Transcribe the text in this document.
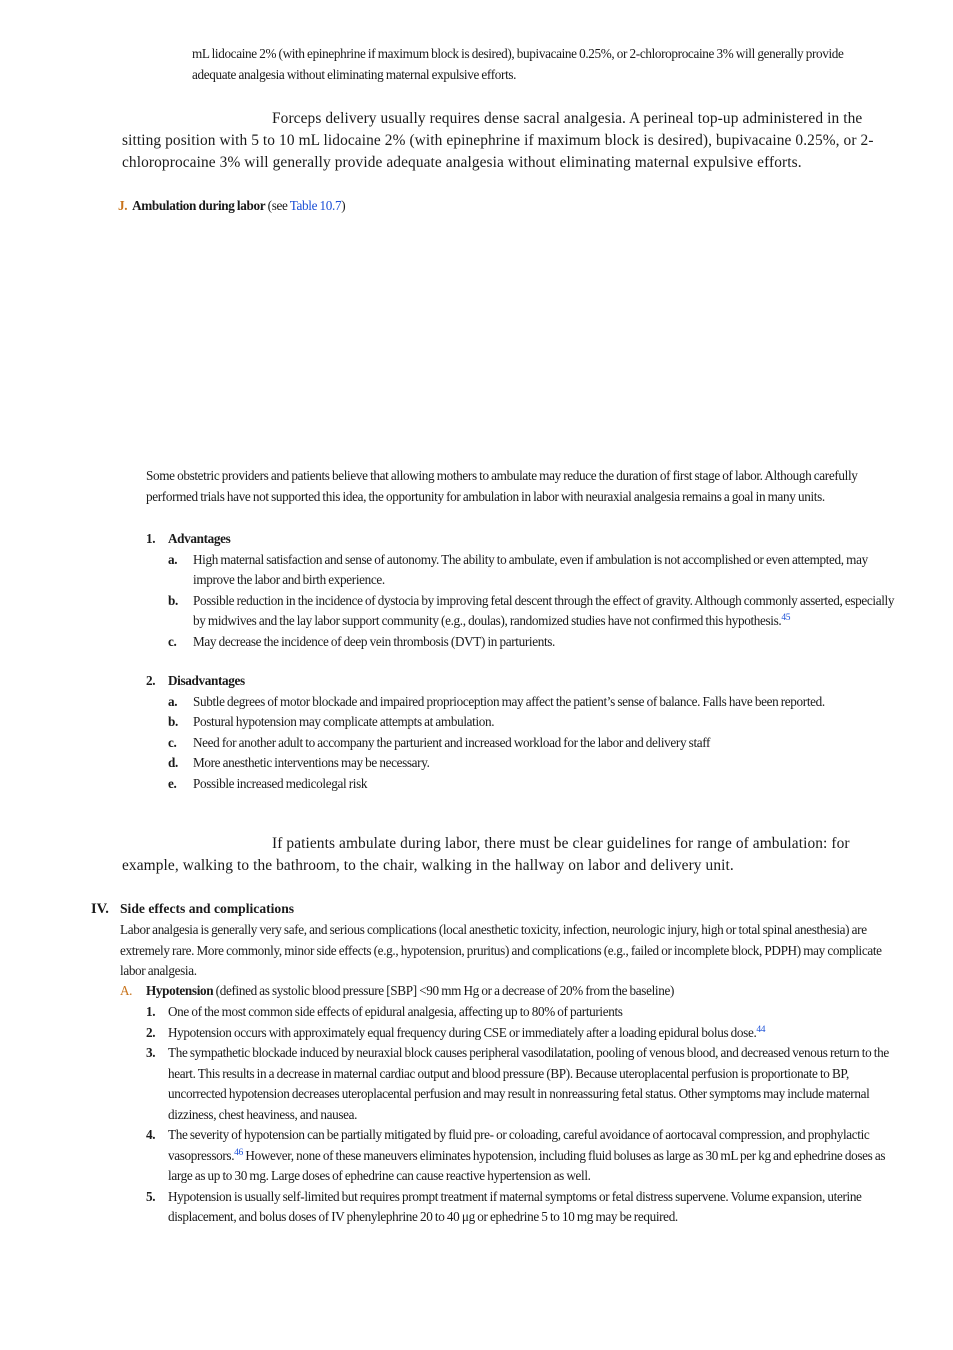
mL lidocaine 2% (with epinephrine if maximum block is desired), bupivacaine 0.25%, or 2-chloroprocaine 3% will generally provide adequate analgesia without eliminating maternal expulsive efforts.

Forceps delivery usually requires dense sacral analgesia. A perineal top-up administered in the sitting position with 5 to 10 mL lidocaine 2% (with epinephrine if maximum block is desired), bupivacaine 0.25%, or 2-chloroprocaine 3% will generally provide adequate analgesia without eliminating maternal expulsive efforts.

J. Ambulation during labor (see Table 10.7)

Some obstetric providers and patients believe that allowing mothers to ambulate may reduce the duration of first stage of labor. Although carefully performed trials have not supported this idea, the opportunity for ambulation in labor with neuraxial analgesia remains a goal in many units.

1. Advantages
a.	High maternal satisfaction and sense of autonomy. The ability to ambulate, even if ambulation is not accomplished or even attempted, may improve the labor and birth experience.
b.	Possible reduction in the incidence of dystocia by improving fetal descent through the effect of gravity. Although commonly asserted, especially by midwives and the lay labor support community (e.g., doulas), randomized studies have not confirmed this hypothesis.$^{45}$
c.	May decrease the incidence of deep vein thrombosis (DVT) in parturients.
2. Disadvantages
a.	Subtle degrees of motor blockade and impaired proprioception may affect the patient’s sense of balance. Falls have been reported.
b.	Postural hypotension may complicate attempts at ambulation.
c.	Need for another adult to accompany the parturient and increased workload for the labor and delivery staff
d.	More anesthetic interventions may be necessary.
e.	Possible increased medicolegal risk

If patients ambulate during labor, there must be clear guidelines for range of ambulation: for example, walking to the bathroom, to the chair, walking in the hallway on labor and delivery unit.

IV. Side effects and complications

Labor analgesia is generally very safe, and serious complications (local anesthetic toxicity, infection, neurologic injury, high or total spinal anesthesia) are extremely rare. More commonly, minor side effects (e.g., hypotension, pruritus) and complications (e.g., failed or incomplete block, PDPH) may complicate labor analgesia.

A. Hypotension (defined as systolic blood pressure [SBP] <90 mm Hg or a decrease of 20% from the baseline)
1. One of the most common side effects of epidural analgesia, affecting up to 80% of parturients
2. Hypotension occurs with approximately equal frequency during CSE or immediately after a loading epidural bolus dose.$^{44}$
3. The sympathetic blockade induced by neuraxial block causes peripheral vasodilatation, pooling of venous blood, and decreased venous return to the heart. This results in a decrease in maternal cardiac output and blood pressure (BP). Because uteroplacental perfusion is proportionate to BP, uncorrected hypotension decreases uteroplacental perfusion and may result in nonreassuring fetal status. Other symptoms may include maternal dizziness, chest heaviness, and nausea.
4. The severity of hypotension can be partially mitigated by fluid pre- or coloading, careful avoidance of aortocaval compression, and prophylactic vasopressors.$^{46}$ However, none of these maneuvers eliminates hypotension, including fluid boluses as large as 30 mL per kg and ephedrine doses as large as up to 30 mg. Large doses of ephedrine can cause reactive hypertension as well.
5. Hypotension is usually self-limited but requires prompt treatment if maternal symptoms or fetal distress supervene. Volume expansion, uterine displacement, and bolus doses of IV phenylephrine 20 to 40 μg or ephedrine 5 to 10 mg may be required.
